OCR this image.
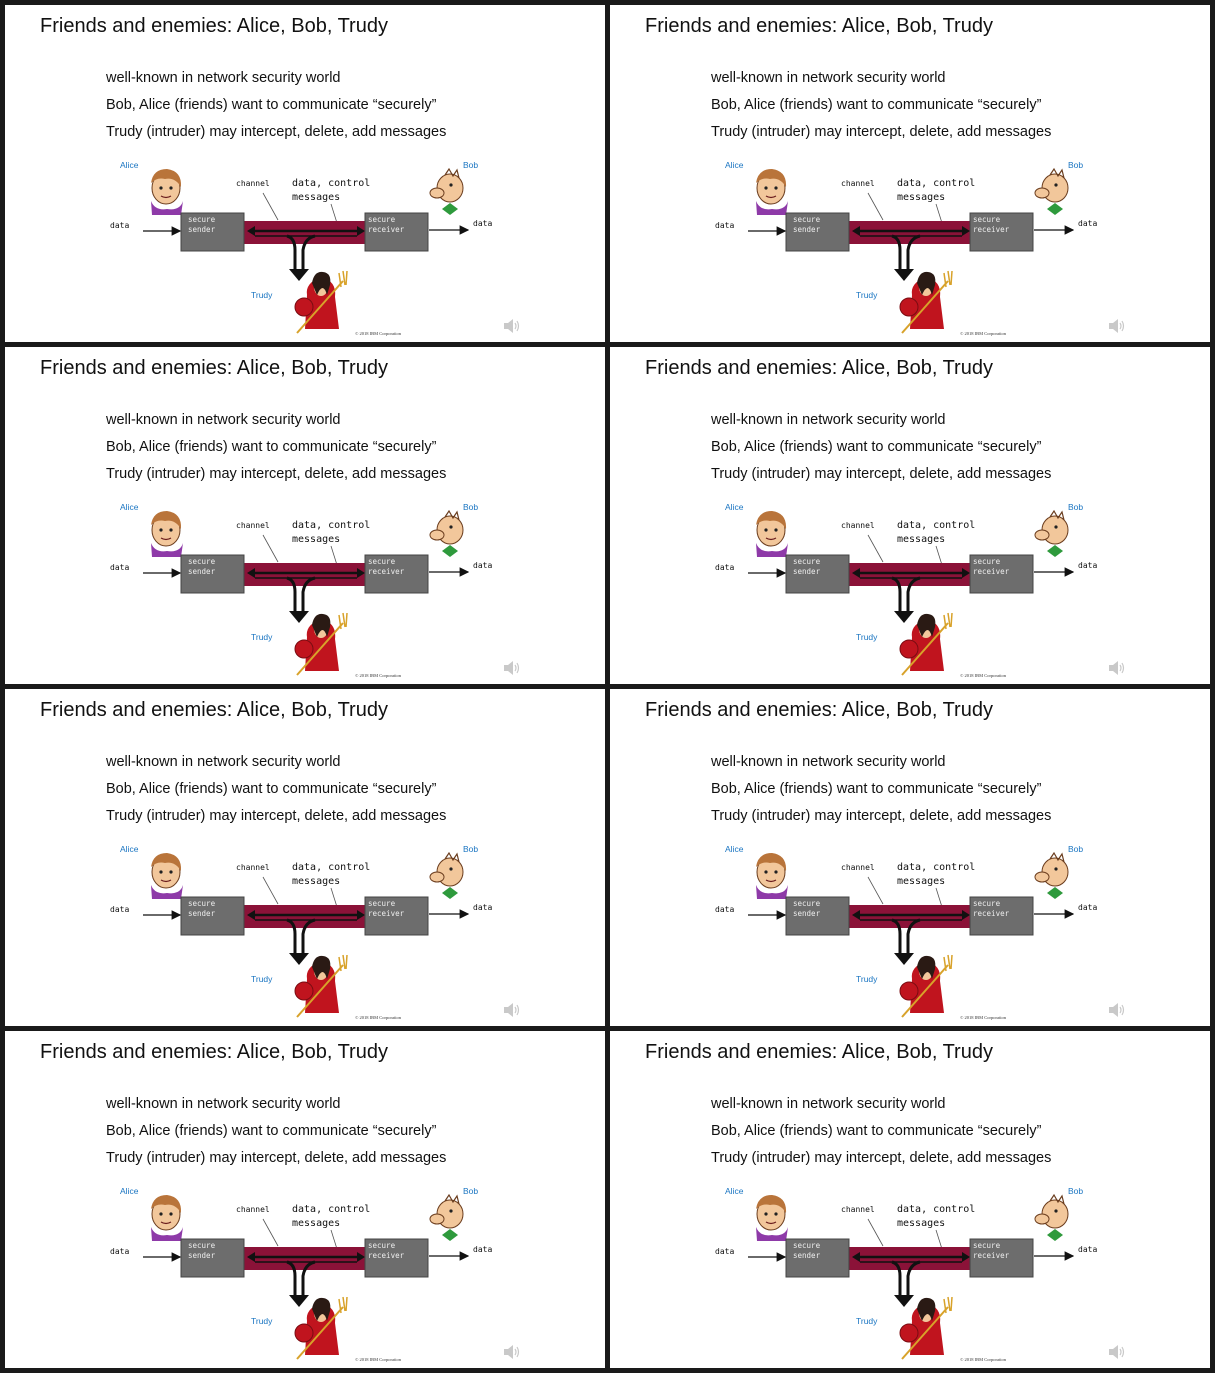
Friends and enemies: Alice, Bob, Trudy
well-known in network security world
Bob, Alice (friends) want to communicate “securely”
Trudy (intruder) may intercept, delete, add messages
Alice	Bob
channel data, control
messages
secure
sender
secure
receiver
data	data
Trudy
© 2018 IBM Corporation
Friends and enemies: Alice, Bob, Trudy
well-known in network security world
Bob, Alice (friends) want to communicate “securely”
Trudy (intruder) may intercept, delete, add messages
Alice	Bob
channel data, control
messages
secure
sender
secure
receiver
data	data
Trudy
© 2018 IBM Corporation
Friends and enemies: Alice, Bob, Trudy
well-known in network security world
Bob, Alice (friends) want to communicate “securely”
Trudy (intruder) may intercept, delete, add messages
Alice	Bob
channel data, control
messages
secure
sender
secure
receiver
data	data
Trudy
© 2018 IBM Corporation
Friends and enemies: Alice, Bob, Trudy
well-known in network security world
Bob, Alice (friends) want to communicate “securely”
Trudy (intruder) may intercept, delete, add messages
Alice	Bob
channel data, control
messages
secure
sender
secure
receiver
data	data
Trudy
© 2018 IBM Corporation
Friends and enemies: Alice, Bob, Trudy
well-known in network security world
Bob, Alice (friends) want to communicate “securely”
Trudy (intruder) may intercept, delete, add messages
Alice	Bob
channel data, control
messages
secure
sender
secure
receiver
data	data
Trudy
© 2018 IBM Corporation
Friends and enemies: Alice, Bob, Trudy
well-known in network security world
Bob, Alice (friends) want to communicate “securely”
Trudy (intruder) may intercept, delete, add messages
Alice	Bob
channel data, control
messages
secure
sender
secure
receiver
data	data
Trudy
© 2018 IBM Corporation
Friends and enemies: Alice, Bob, Trudy
well-known in network security world
Bob, Alice (friends) want to communicate “securely”
Trudy (intruder) may intercept, delete, add messages
Alice	Bob
channel data, control
messages
secure
sender
secure
receiver
data	data
Trudy
© 2018 IBM Corporation
Friends and enemies: Alice, Bob, Trudy
well-known in network security world
Bob, Alice (friends) want to communicate “securely”
Trudy (intruder) may intercept, delete, add messages
Alice	Bob
channel data, control
messages
secure
sender
secure
receiver
data	data
Trudy
© 2018 IBM Corporation
